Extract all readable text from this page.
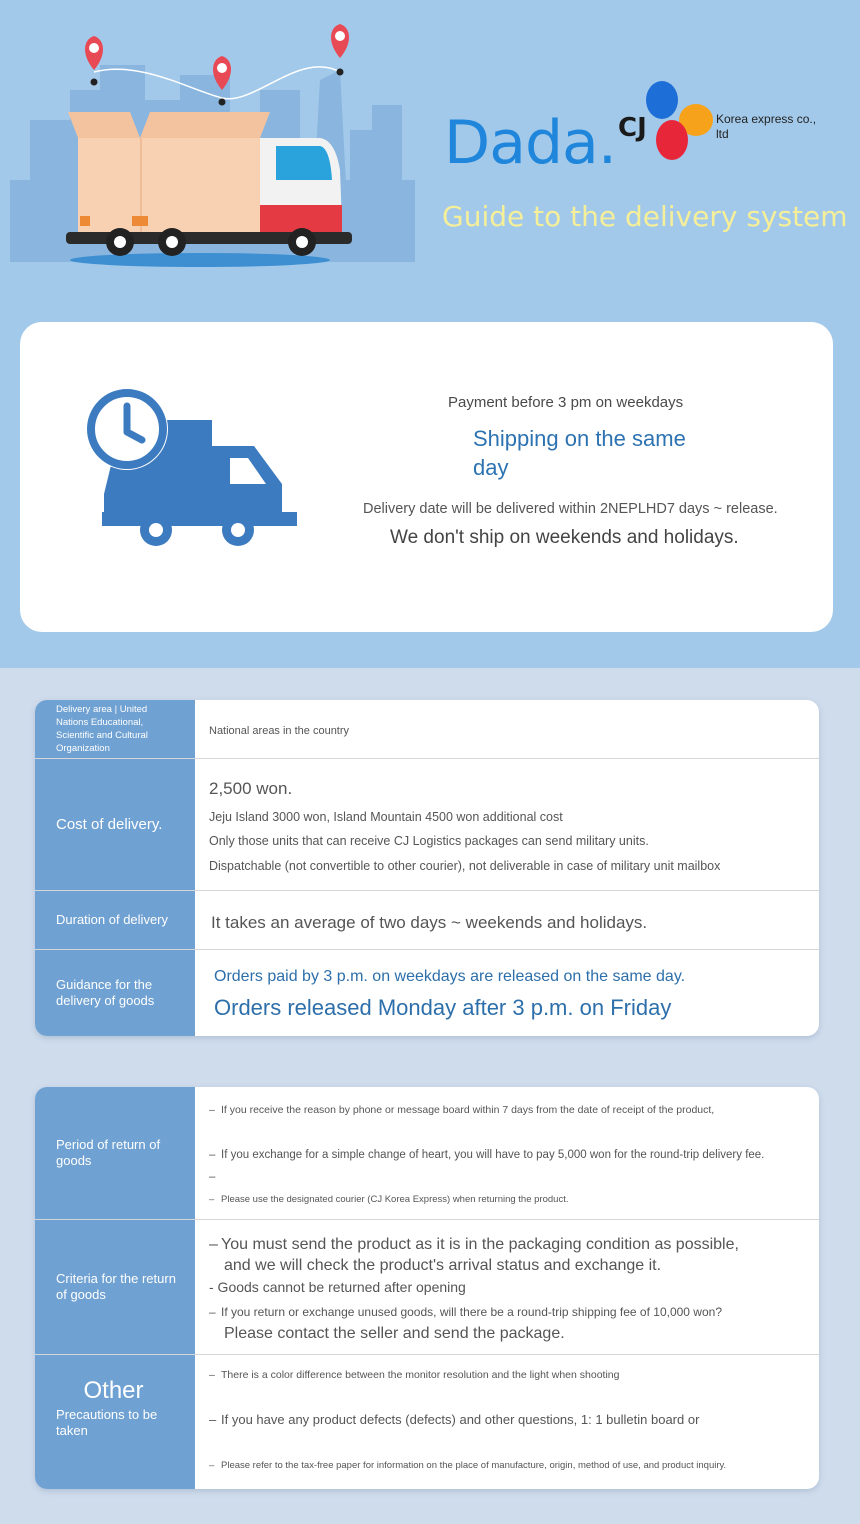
Dada. CJ	Korea express co., ltd
Guide to the delivery system
Payment before 3 pm on weekdays
Shipping on the same day
Delivery date will be delivered within 2NEPLHD7 days ~ release.
We don't ship on weekends and holidays.
Delivery area | United Nations Educational, Scientific and Cultural Organization
National areas in the country
Cost of delivery.
2,500 won.
Jeju Island 3000 won, Island Mountain 4500 won additional cost
Only those units that can receive CJ Logistics packages can send military units.
Dispatchable (not convertible to other courier), not deliverable in case of military unit mailbox
Duration of delivery	It takes an average of two days ~ weekends and holidays.
Guidance for the delivery of goods
Orders paid by 3 p.m. on weekdays are released on the same day.
Orders released Monday after 3 p.m. on Friday
Period of return of goods
– If you receive the reason by phone or message board within 7 days from the date of receipt of the product,
– If you exchange for a simple change of heart, you will have to pay 5,000 won for the round-trip delivery fee.
–
– Please use the designated courier (CJ Korea Express) when returning the product.
Criteria for the return of goods
– You must send the product as it is in the packaging condition as possible,
and we will check the product's arrival status and exchange it.
- Goods cannot be returned after opening
– If you return or exchange unused goods, will there be a round-trip shipping fee of 10,000 won?
Please contact the seller and send the package.
Other
Precautions to be taken
– There is a color difference between the monitor resolution and the light when shooting
– If you have any product defects (defects) and other questions, 1: 1 bulletin board or
– Please refer to the tax-free paper for information on the place of manufacture, origin, method of use, and product inquiry.
